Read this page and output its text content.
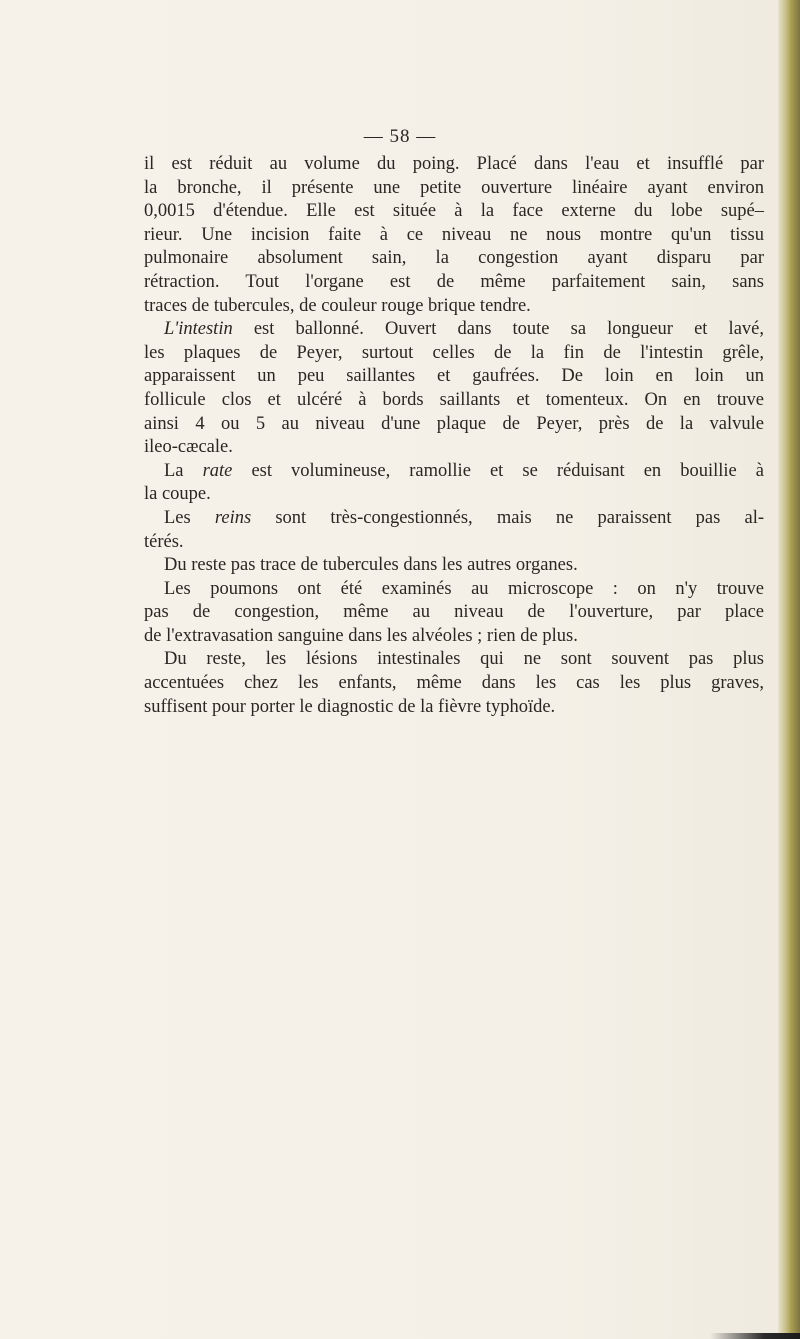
— 58 —
il est réduit au volume du poing. Placé dans l'eau et insufflé par
la bronche, il présente une petite ouverture linéaire ayant environ
0,0015 d'étendue. Elle est située à la face externe du lobe supé–
rieur. Une incision faite à ce niveau ne nous montre qu'un tissu
pulmonaire absolument sain, la congestion ayant disparu par
rétraction. Tout l'organe est de même parfaitement sain, sans
traces de tubercules, de couleur rouge brique tendre.
L'intestin est ballonné. Ouvert dans toute sa longueur et lavé,
les plaques de Peyer, surtout celles de la fin de l'intestin grêle,
apparaissent un peu saillantes et gaufrées. De loin en loin un
follicule clos et ulcéré à bords saillants et tomenteux. On en trouve
ainsi 4 ou 5 au niveau d'une plaque de Peyer, près de la valvule
ileo-cæcale.
La rate est volumineuse, ramollie et se réduisant en bouillie à
la coupe.
Les reins sont très-congestionnés, mais ne paraissent pas al-
térés.
Du reste pas trace de tubercules dans les autres organes.
Les poumons ont été examinés au microscope : on n'y trouve
pas de congestion, même au niveau de l'ouverture, par place
de l'extravasation sanguine dans les alvéoles ; rien de plus.
Du reste, les lésions intestinales qui ne sont souvent pas plus
accentuées chez les enfants, même dans les cas les plus graves,
suffisent pour porter le diagnostic de la fièvre typhoïde.
